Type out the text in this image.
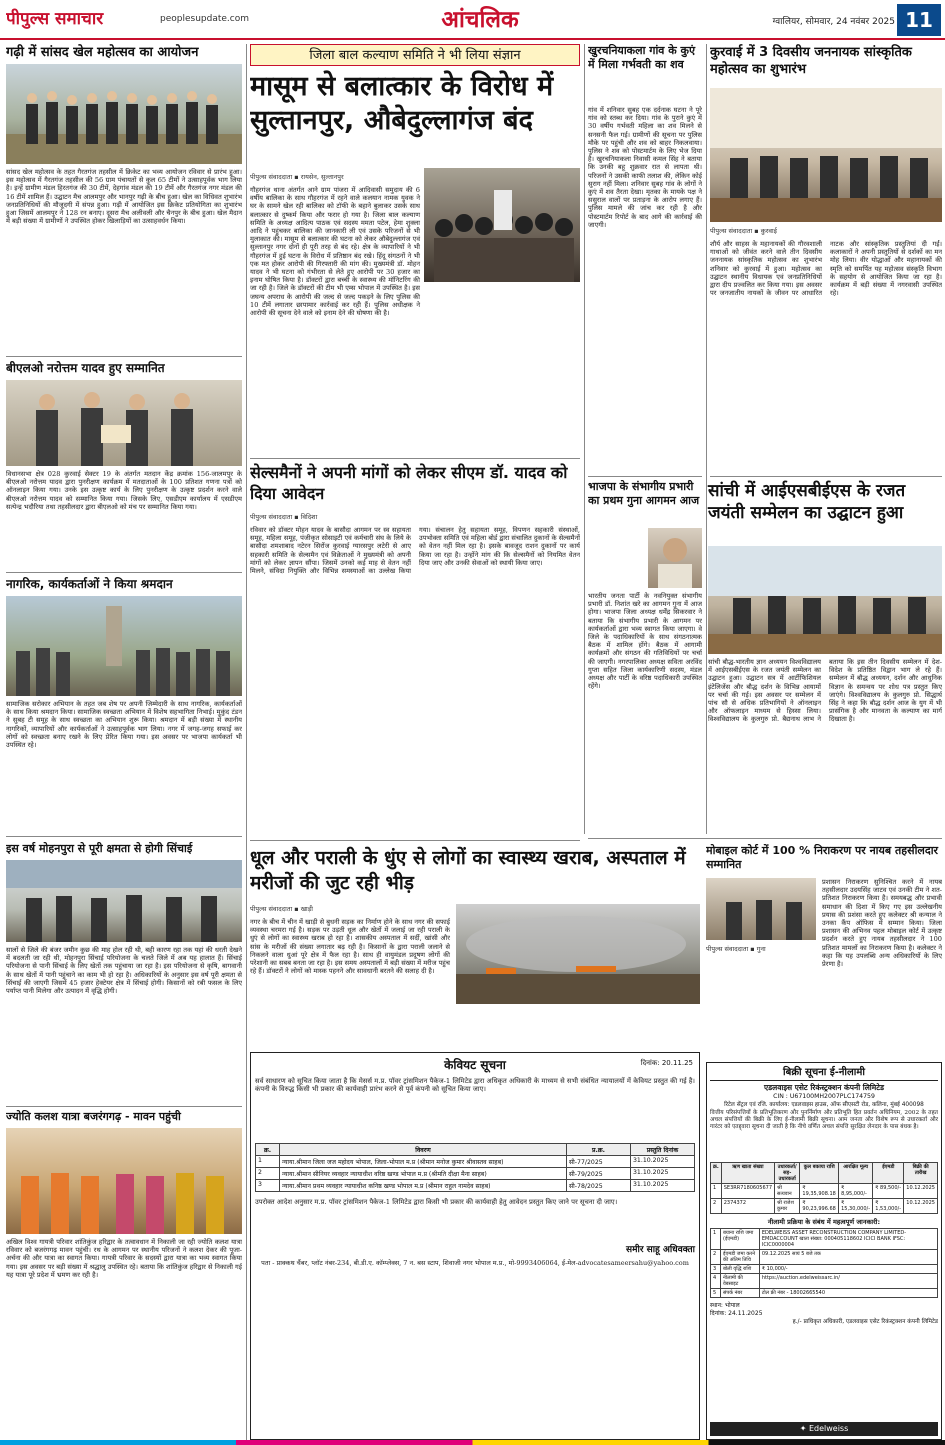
पीपुल्स समाचार	peoplesupdate.com	आंचलिक	ग्वालियर, सोमवार, 24 नवंबर 2025 11
गढ़ी में सांसद खेल महोत्सव का आयोजन
सांसद खेल महोत्सव के तहत गैरतगंज तहसील में क्रिकेट का भव्य आयोजन रविवार से प्रारंभ हुआ। इस महोत्सव में गैरतगंज तहसील की 56 ग्राम पंचायतों से कुल 65 टीमों ने उत्साहपूर्वक भाग लिया है। इन्हें ग्रामीण मंडल हिरतगंज की 30 टीमें, देहगांव मंडल की 19 टीमें और गैरतगंज नगर मंडल की 16 टीमें शामिल हैं। उद्घाटन मैच आलमपुर और भानपुर गढ़ी के बीच हुआ। खेल का विधिवत शुभारंभ जनप्रतिनिधियों की मौजूदगी में संपन्न हुआ। गढ़ी में आयोजित इस क्रिकेट प्रतियोगिता का शुभारंभ हुआ जिसमें आलमपुर ने 128 रन बनाए। दूसरा मैच अलीवली और चैनपुर के बीच हुआ। खेल मैदान में बड़ी संख्या में ग्रामीणों ने उपस्थित होकर खिलाड़ियों का उत्साहवर्धन किया।
बीएलओ नरोत्तम यादव हुए सम्मानित
विधानसभा क्षेत्र 028 कुरवाई सेक्टर 19 के अंतर्गत मतदान केंद्र क्रमांक 156-जालमपुर के बीएलओ नरोत्तम यादव द्वारा पुनरीक्षण कार्यक्रम में मतदाताओं के 100 प्रतिशत गणना पत्रों को ऑनलाइन किया गया। उनके इस उत्कृष्ट कार्य के लिए पुनरीक्षण के उत्कृष्ट प्रदर्शन करने वाले बीएलओ नरोत्तम यादव को सम्मानित किया गया। जिसके लिए, एसडीएम कार्यालय में एसडीएम सत्येन्द्र भदौरिया तथा तहसीलदार द्वारा बीएलओ को मंच पर सम्मानित किया गया।
नागरिक, कार्यकर्ताओं ने किया श्रमदान
सामाजिक सरोकार अभियान के तहत जब शेष पर अपनी जिम्मेदारी के साथ नागरिक, कार्यकर्ताओं के साथ किया श्रमदान किया। सामाजिक स्वच्छता अभियान में विशेष सहभागिता निभाई। मुकुंद टंडन ने सुबह टी समूह के साथ स्वच्छता का अभियान शुरू किया। श्रमदान में बड़ी संख्या में स्थानीय नागरिकों, व्यापारियों और कार्यकर्ताओं ने उत्साहपूर्वक भाग लिया। नगर में जगह-जगह सफाई कर लोगों को स्वच्छता बनाए रखने के लिए प्रेरित किया गया। इस अवसर पर भाजपा कार्यकर्ता भी उपस्थित रहे।
इस वर्ष मोहनपुरा से पूरी क्षमता से होगी सिंचाई
सालों से जिले की बंजर जमीन कुछ की माह होल रही थी, बही कारण रहा तक यहां की धरती देखने में बदलती जा रही थी, मोहनपुरा सिंचाई परियोजना के चलते जिले में अब यह हालात हैं। सिंचाई परियोजना से पानी सिंचाई के लिए खेतों तक पहुंचाया जा रहा है। इस परियोजना से कृषि, बागवानी के साथ खेतों में पानी पहुंचाने का काम भी हो रहा है। अधिकारियों के अनुसार इस वर्ष पूरी क्षमता से सिंचाई की जाएगी जिसमें 45 हजार हेक्टेयर क्षेत्र में सिंचाई होगी। किसानों को रबी फसल के लिए पर्याप्त पानी मिलेगा और उत्पादन में वृद्धि होगी।
ज्योति कलश यात्रा बजरंगगढ़ - मावन पहुंची
अखिल विश्व गायत्री परिवार शांतिकुंज हरिद्वार के तत्वावधान में निकाली जा रही ज्योति कलश यात्रा रविवार को बजरंगगढ़ मावन पहुंची। रथ के आगमन पर स्थानीय परिजनों ने कलश देकर की पूजा-अर्चना की और यात्रा का स्वागत किया। गायत्री परिवार के सदस्यों द्वारा यात्रा का भव्य स्वागत किया गया। इस अवसर पर बड़ी संख्या में श्रद्धालु उपस्थित रहे। बताया कि शांतिकुंज हरिद्वार से निकाली गई यह यात्रा पूरे प्रदेश में भ्रमण कर रही है।
जिला बाल कल्याण समिति ने भी लिया संज्ञान
मासूम से बलात्कार के विरोध में सुल्तानपुर, औबेदुल्लागंज बंद
पीपुल्स संवाददाता ▪ रायसेन, सुल्तानपुर
गौहरगंज थाना अंतर्गत आने ग्राम पांजरा में आदिवासी समुदाय की 6 वर्षीय बालिका के साथ गौहरगंज में रहने वाले कलयान नामक युवक ने घर के सामने खेल रही बालिका को टॉफी के बहाने बुलाकर उसके साथ बलात्कार से दुष्कर्म किया और फरार हो गया है। जिला बाल कल्याण समिति के अध्यक्ष आदित्य पाठक एवं सदस्य ममता पटेल, हेमा शुक्ला आदि ने पहुंचकर बालिका की जानकारी ली एवं उसके परिजनों से भी मुलाकात की। मासूम से बलात्कार की घटना को लेकर औबेदुल्लागंज एवं सुल्तानपुर नगर दोनों ही पूरी तरह से बंद रहे। क्षेत्र के व्यापारियों ने भी गौहरगंज में हुई घटना के विरोध में प्रतिष्ठान बंद रखे। हिंदू संगठनों ने भी एक मत होकर आरोपी की गिरफ्तारी की मांग की। मुख्यमंत्री डॉ. मोहन यादव ने भी घटना को गंभीरता से लेते हुए आरोपी पर 30 हजार का इनाम घोषित किया है। डॉक्टरों द्वारा बच्ची के स्वास्थ्य की मॉनिटरिंग की जा रही है। जिले के डॉक्टरों की टीम भी एम्स भोपाल में उपस्थित है। इस जघन्य अपराध के आरोपी की जल्द से जल्द पकड़ने के लिए पुलिस की 10 टीमें लगातार छापामार कार्रवाई कर रही हैं। पुलिस अधीक्षक ने आरोपी की सूचना देने वाले को इनाम देने की घोषणा की है।
सेल्समैनों ने अपनी मांगों को लेकर सीएम डॉ. यादव को दिया आवेदन
पीपुल्स संवाददाता ▪ विदिशा
रविवार को डॉक्टर मोहन यादव के बासौदा आगमन पर स्व सहायता समूह, महिला समूह, पंजीकृत सोसाइटी एवं कर्मचारी संघ के लिये के बासौदा शमशाबाद नटेरन सिरोंज कुरवाई ग्यारसपुर लटेरी से आए सहकारी समिति के सेल्समैन एवं विक्रेताओं ने मुख्यमंत्री को अपनी मांगों को लेकर ज्ञापन सौंपा। जिसमें उनको कई माह से वेतन नहीं मिलने, संविदा नियुक्ति और विभिन्न समस्याओं का उल्लेख किया गया। संचालन हेतु सहायता समूह, विपणन सहकारी संस्थाओं, उपभोक्ता समिति एवं महिला बोर्ड द्वारा संचालित दुकानों के सेल्समैनों को वेतन नहीं मिल रहा है। इसके बावजूद राशन दुकानों पर कार्य किया जा रहा है। उन्होंने मांग की कि सेल्समैनों को नियमित वेतन दिया जाए और उनकी सेवाओं को स्थायी किया जाए।
धूल और पराली के धुंए से लोगों का स्वास्थ्य खराब, अस्पताल में मरीजों की जुट रही भीड़
पीपुल्स संवाददाता ▪ खाड़ी
नगर के बीच में चीन में खाड़ी से बुधनी सड़क का निर्माण होने के साथ नगर की सफाई व्यवस्था चरमरा गई है। सड़क पर उड़ती धूल और खेतों में जलाई जा रही पराली के धुएं से लोगों का स्वास्थ्य खराब हो रहा है। शासकीय अस्पताल में सर्दी, खांसी और सांस के मरीजों की संख्या लगातार बढ़ रही है। किसानों के द्वारा पराली जलाने से निकलने वाला धुआं पूरे क्षेत्र में फैल रहा है। साथ ही वायुमंडल प्रदूषण लोगों की परेशानी का सबब बनता जा रहा है। इस समय अस्पतालों में बड़ी संख्या में मरीज पहुंच रहे हैं। डॉक्टरों ने लोगों को मास्क पहनने और सावधानी बरतने की सलाह दी है।
खुरचनियाकला गांव के कुएं में मिला गर्भवती का शव
गांव में शनिवार सुबह एक दर्दनाक घटना ने पूरे गांव को स्तब्ध कर दिया। गांव के पुराने कुएं में 30 वर्षीय गर्भवती महिला का शव मिलने से सनसनी फैल गई। ग्रामीणों की सूचना पर पुलिस मौके पर पहुंची और शव को बाहर निकलवाया। पुलिस ने शव को पोस्टमार्टम के लिए भेज दिया है। खुरचनियाकला निवासी कमल सिंह ने बताया कि उनकी बहू शुक्रवार रात से लापता थी। परिजनों ने उसकी काफी तलाश की, लेकिन कोई सुराग नहीं मिला। शनिवार सुबह गांव के लोगों ने कुएं में शव तैरता देखा। मृतका के मायके पक्ष ने ससुराल वालों पर प्रताड़ना के आरोप लगाए हैं। पुलिस मामले की जांच कर रही है और पोस्टमार्टम रिपोर्ट के बाद आगे की कार्रवाई की जाएगी।
भाजपा के संभागीय प्रभारी का प्रथम गुना आगमन आज
भारतीय जनता पार्टी के नवनियुक्त संभागीय प्रभारी डॉ. निशांत खरे का आगमन गुना में आज होगा। भाजपा जिला अध्यक्ष धर्मेंद्र सिकरवार ने बताया कि संभागीय प्रभारी के आगमन पर कार्यकर्ताओं द्वारा भव्य स्वागत किया जाएगा। वे जिले के पदाधिकारियों के साथ संगठनात्मक बैठक में शामिल होंगे। बैठक में आगामी कार्यक्रमों और संगठन की गतिविधियों पर चर्चा की जाएगी। नगरपालिका अध्यक्ष सविता अरविंद गुप्ता सहित जिला कार्यकारिणी सदस्य, मंडल अध्यक्ष और पार्टी के वरिष्ठ पदाधिकारी उपस्थित रहेंगे।
कुरवाई में 3 दिवसीय जननायक सांस्कृतिक महोत्सव का शुभारंभ
पीपुल्स संवाददाता ▪ कुरवाई
शौर्य और साहस के महानायकों की गौरवशाली गाथाओं को जीवंत करने वाले तीन दिवसीय जननायक सांस्कृतिक महोत्सव का शुभारंभ शनिवार को कुरवाई में हुआ। महोत्सव का उद्घाटन स्थानीय विधायक एवं जनप्रतिनिधियों द्वारा दीप प्रज्वलित कर किया गया। इस अवसर पर जनजातीय नायकों के जीवन पर आधारित नाटक और सांस्कृतिक प्रस्तुतियां दी गईं। कलाकारों ने अपनी प्रस्तुतियों से दर्शकों का मन मोह लिया। वीर योद्धाओं और महानायकों की स्मृति को समर्पित यह महोत्सव संस्कृति विभाग के सहयोग से आयोजित किया जा रहा है। कार्यक्रम में बड़ी संख्या में नगरवासी उपस्थित रहे।
सांची में आईएसबीईएस के रजत जयंती सम्मेलन का उद्घाटन हुआ
सांची बौद्ध-भारतीय ज्ञान अध्ययन विश्वविद्यालय में आईएसबीईएस के रजत जयंती सम्मेलन का उद्घाटन हुआ। उद्घाटन सत्र में आर्टीफिशियल इंटेलिजेंस और बौद्ध दर्शन के विभिन्न आयामों पर चर्चा की गई। इस अवसर पर सम्मेलन में पांच सौ से अधिक प्रतिभागियों ने ऑनलाइन और ऑफलाइन माध्यम से हिस्सा लिया। विश्वविद्यालय के कुलगुरु प्रो. बैद्यनाथ लाभ ने बताया कि इस तीन दिवसीय सम्मेलन में देश-विदेश के प्रतिष्ठित विद्वान भाग ले रहे हैं। सम्मेलन में बौद्ध अध्ययन, दर्शन और आधुनिक विज्ञान के समन्वय पर शोध पत्र प्रस्तुत किए जाएंगे। विश्वविद्यालय के कुलगुरु प्रो. सिद्धार्थ सिंह ने कहा कि बौद्ध दर्शन आज के युग में भी प्रासंगिक है और मानवता के कल्याण का मार्ग दिखाता है।
मोबाइल कोर्ट में 100 % निराकरण पर नायब तहसीलदार सम्मानित
पीपुल्स संवाददाता ▪ गुना
प्रशासन निराकरण सुनिश्चित करने में नायब तहसीलदार उदयसिंह जाटव एवं उनकी टीम ने शत-प्रतिशत निराकरण किया है। समयबद्ध और प्रभावी समाधान की दिशा में किए गए इस उल्लेखनीय प्रयास की प्रशंसा करते हुए कलेक्टर श्री कन्याल ने उनका कैंप ऑफिस में सम्मान किया। जिला प्रशासन की अभिनव पहल मोबाइल कोर्ट में उत्कृष्ट प्रदर्शन करते हुए नायब तहसीलदार ने 100 प्रतिशत मामलों का निराकरण किया है। कलेक्टर ने कहा कि यह उपलब्धि अन्य अधिकारियों के लिए प्रेरणा है।
दिनांक: 20.11.25
केवियट सूचना
सर्व साधारण को सूचित किया जाता है कि मेसर्स म.प्र. पॉवर ट्रांसमिशन पैकेज-1 लिमिटेड द्वारा अधिकृत अधिकारी के माध्यम से सभी संबंधित न्यायालयों में केवियट प्रस्तुत की गई है। कंपनी के विरुद्ध किसी भी प्रकार की कार्यवाही प्रारंभ करने से पूर्व कंपनी को सूचित किया जाए।
क्र.	विवरण	प्र.क्र.	प्रस्तुति दिनांक
1	न्याया.श्रीमान जिला जज महोदय भोपाल, जिला-भोपाल म.प्र (श्रीमान मनोज कुमार श्रीवास्तव साहब)	सी-77/2025	31.10.2025
2	न्याया.श्रीमान सीनियर व्यवहार न्यायाधीश वरिष्ठ खण्ड भोपाल म.प्र (श्रीमति दीक्षा मैना साहब)	सी-79/2025	31.10.2025
3	न्याया.श्रीमान प्रथम व्यवहार न्यायाधीश कनिष्ठ खण्ड भोपाल म.प्र (श्रीमान राहुल नामदेव साहब)	सी-78/2025	31.10.2025
उपरोक्त आदेश अनुसार म.प्र. पॉवर ट्रांसमिशन पैकेज-1 लिमिटेड द्वारा किसी भी प्रकार की कार्यवाही हेतु आवेदन प्रस्तुत किए जाने पर सूचना दी जाए।
समीर साहू अधिवक्ता
पता - प्राक्कथ चैंबर, प्लॉट नंबर-234, बी.डी.ए. कॉम्प्लेक्स, 7 न. बस स्टाप, शिवाजी नगर भोपाल म.प्र., मो-9993406064, ई-मेल-advocatesameersahu@yahoo.com
बिक्री सूचना ई-नीलामी
एडलवाइस एसेट रिकंस्ट्रक्शन कंपनी लिमिटेड
CIN : U67100MH2007PLC174759
रिटेल सेंट्रल एवं रजि. कार्यालय: एडलवाइस हाउस, ऑफ सीएसटी रोड, कलिना, मुंबई 400098
वित्तीय परिसंपत्तियों के प्रतिभूतिकरण और पुनर्निर्माण और प्रतिभूति हित प्रवर्तन अधिनियम, 2002 के तहत अचल संपत्तियों की बिक्री के लिए ई-नीलामी बिक्री सूचना। आम जनता और विशेष रूप से उधारकर्ता और गारंटर को एतद्द्वारा सूचना दी जाती है कि नीचे वर्णित अचल संपत्ति सुरक्षित लेनदार के पास बंधक है।
क्र.	ऋण खाता संख्या	उधारकर्ता/सह-उधारकर्ता	कुल बकाया राशि	आरक्षित मूल्य	ईएमडी	बिक्री की तारीख
1	SE3RR7180605677	श्री सत्यवान	₹ 19,35,908.18	₹ 8,95,000/-	₹ 89,500/-	10.12.2025
2	2374372	श्री राजेश कुमार	₹ 90,23,996.68	₹ 15,30,000/-	₹ 1,53,000/-	10.12.2025
नीलामी प्रक्रिया के संबंध में महत्वपूर्ण जानकारी:
1	बयाना राशि जमा (ईएमडी)	EDELWEISS ASSET RECONSTRUCTION COMPANY LIMITED-EMDACCOUNT खाता संख्या: 000405118602 ICICI BANK IFSC: ICIC0000004
2	ईएमडी जमा करने की अंतिम तिथि	09.12.2025 सायं 5 बजे तक
3	बोली वृद्धि राशि	₹ 10,000/-
4	नीलामी की वेबसाइट	https://auction.edelweissarc.in/
5	संपर्क नंबर	टोल फ्री नंबर - 18002665540
स्थान: भोपाल
दिनांक: 24.11.2025
ह./- प्राधिकृत अधिकारी, एडलवाइस एसेट रिकंस्ट्रक्शन कंपनी लिमिटेड
✦ Edelweiss
